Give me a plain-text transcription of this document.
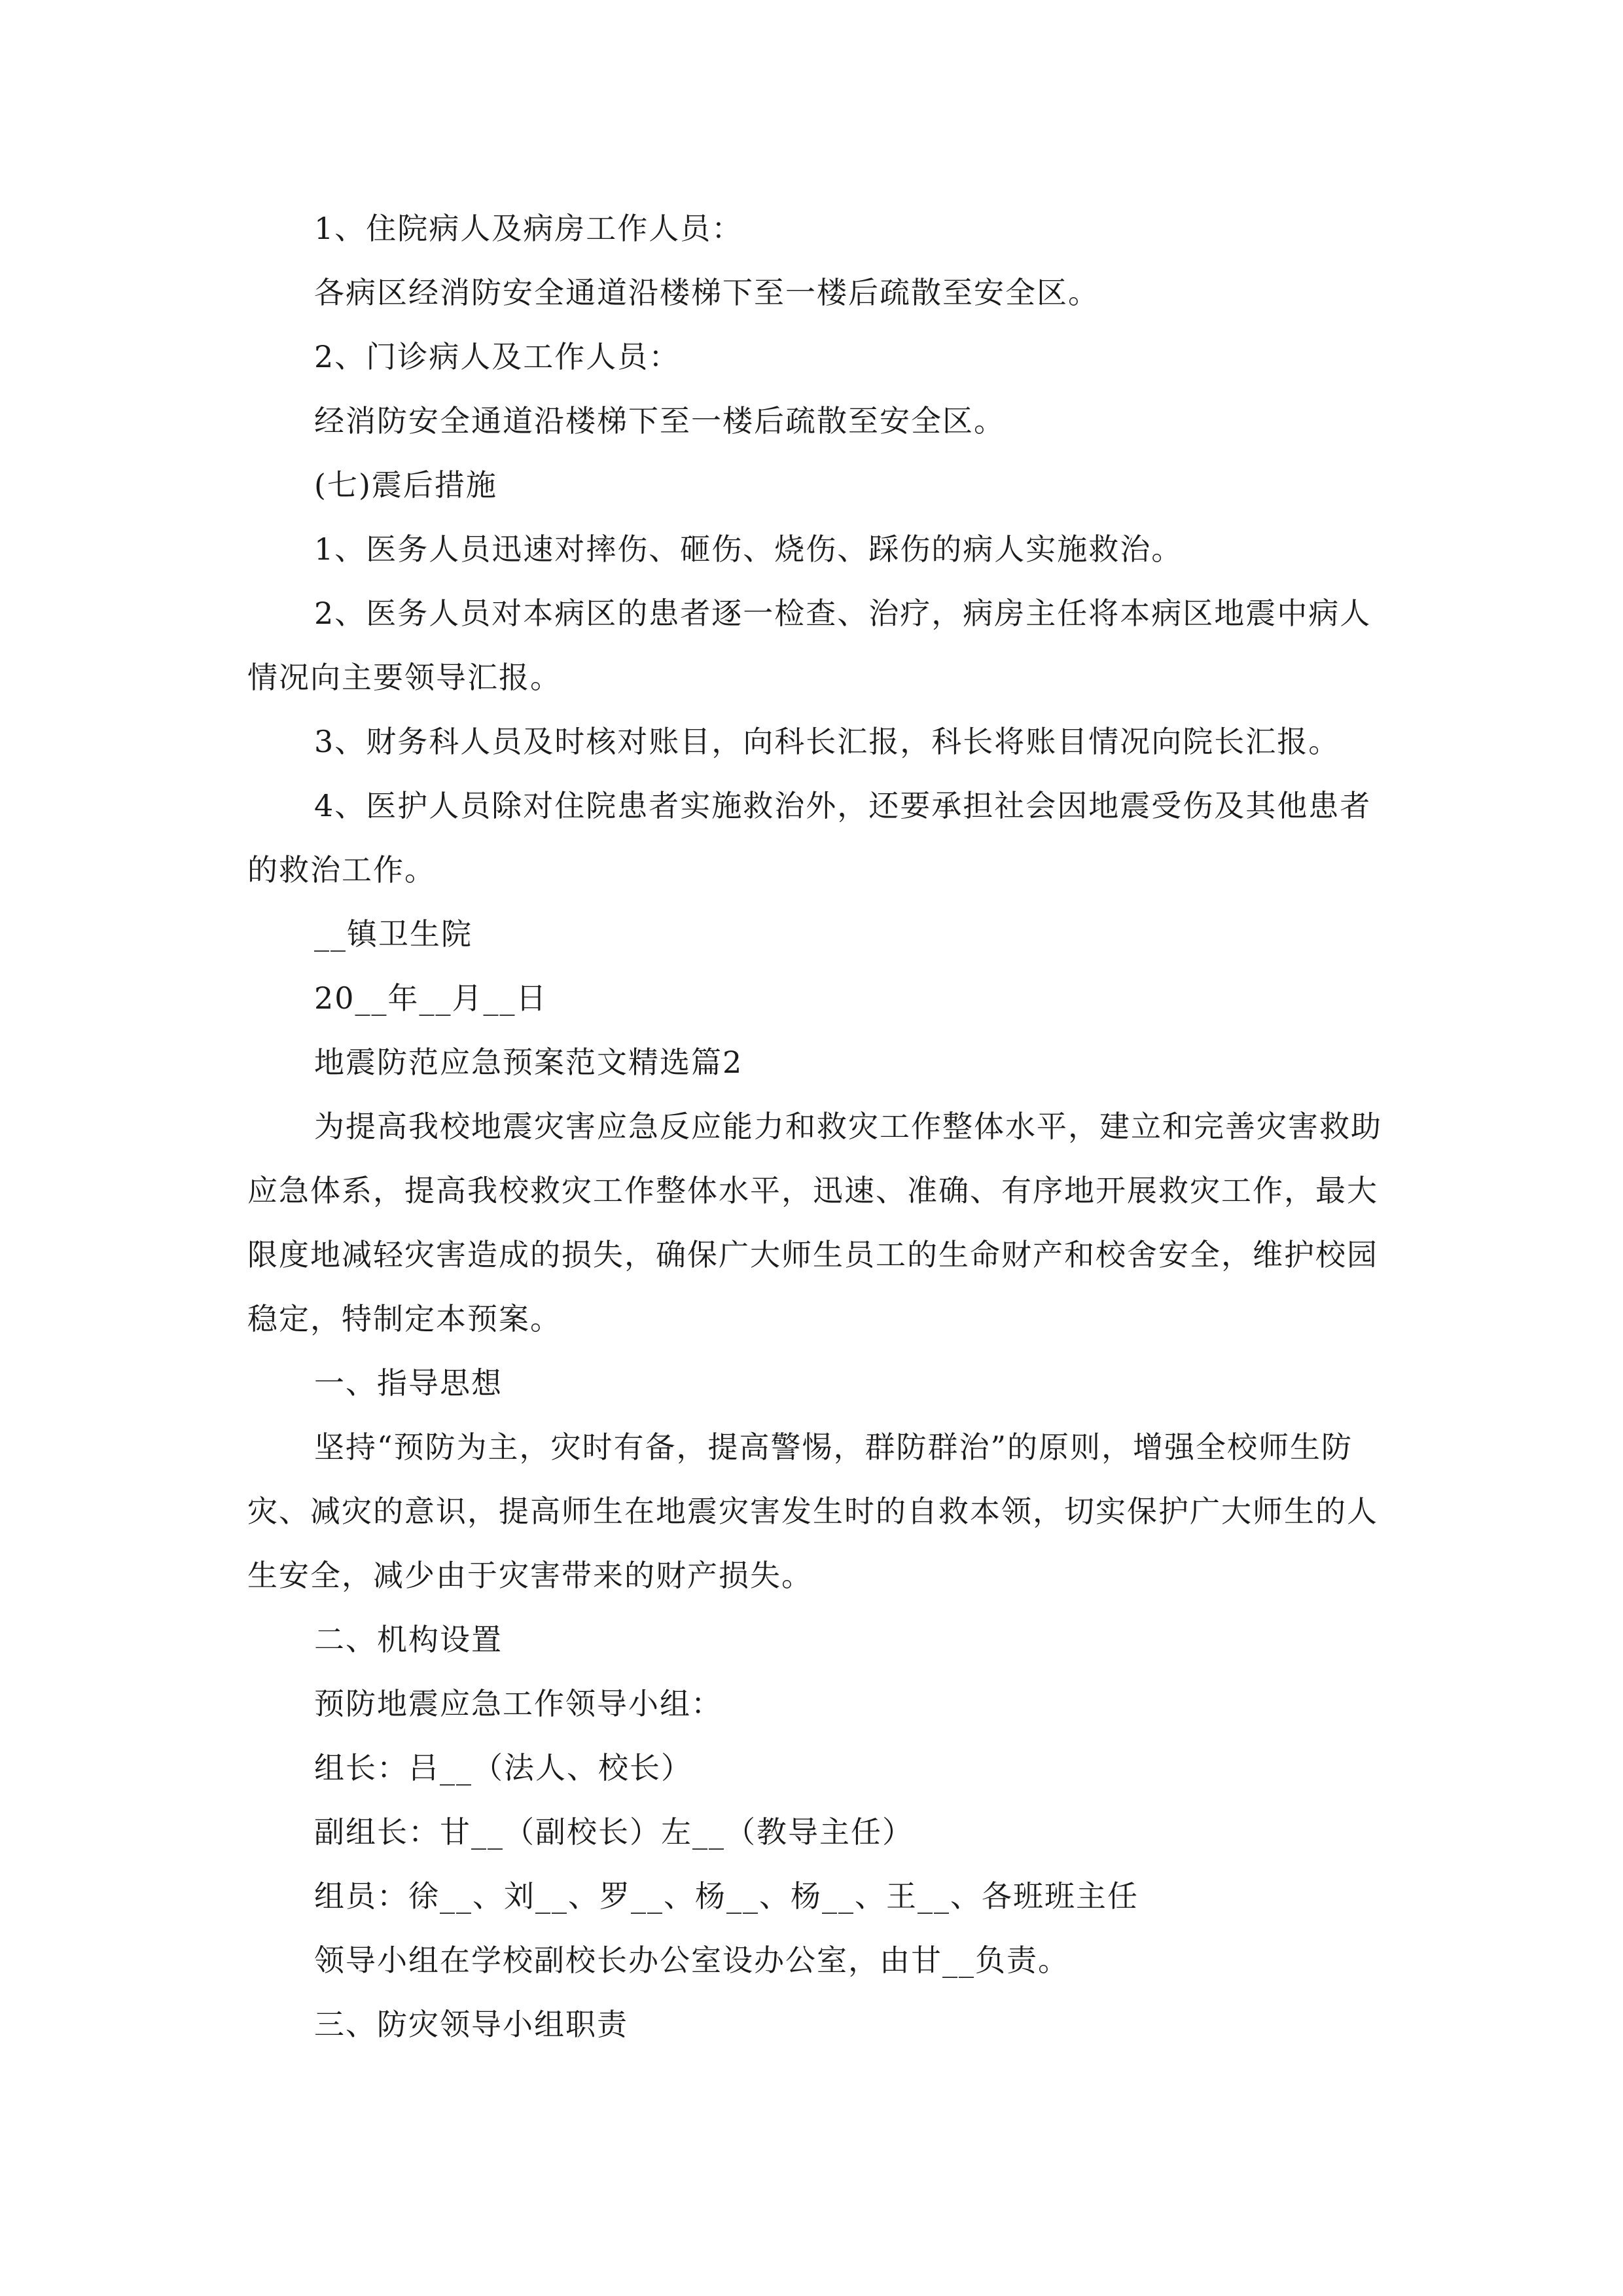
1、住院病人及病房工作人员：

各病区经消防安全通道沿楼梯下至一楼后疏散至安全区。

2、门诊病人及工作人员：

经消防安全通道沿楼梯下至一楼后疏散至安全区。

(七)震后措施

1、医务人员迅速对摔伤、砸伤、烧伤、踩伤的病人实施救治。

2、医务人员对本病区的患者逐一检查、治疗，病房主任将本病区地震中病人情况向主要领导汇报。

3、财务科人员及时核对账目，向科长汇报，科长将账目情况向院长汇报。

4、医护人员除对住院患者实施救治外，还要承担社会因地震受伤及其他患者的救治工作。

__镇卫生院

20__年__月__日

地震防范应急预案范文精选篇2

为提高我校地震灾害应急反应能力和救灾工作整体水平，建立和完善灾害救助应急体系，提高我校救灾工作整体水平，迅速、准确、有序地开展救灾工作，最大限度地减轻灾害造成的损失，确保广大师生员工的生命财产和校舍安全，维护校园稳定，特制定本预案。

一、指导思想

坚持“预防为主，灾时有备，提高警惕，群防群治”的原则，增强全校师生防灾、减灾的意识，提高师生在地震灾害发生时的自救本领，切实保护广大师生的人生安全，减少由于灾害带来的财产损失。

二、机构设置

预防地震应急工作领导小组：

组长：吕__（法人、校长）

副组长：甘__（副校长）左__（教导主任）

组员：徐__、刘__、罗__、杨__、杨__、王__、各班班主任

领导小组在学校副校长办公室设办公室，由甘__负责。

三、防灾领导小组职责
